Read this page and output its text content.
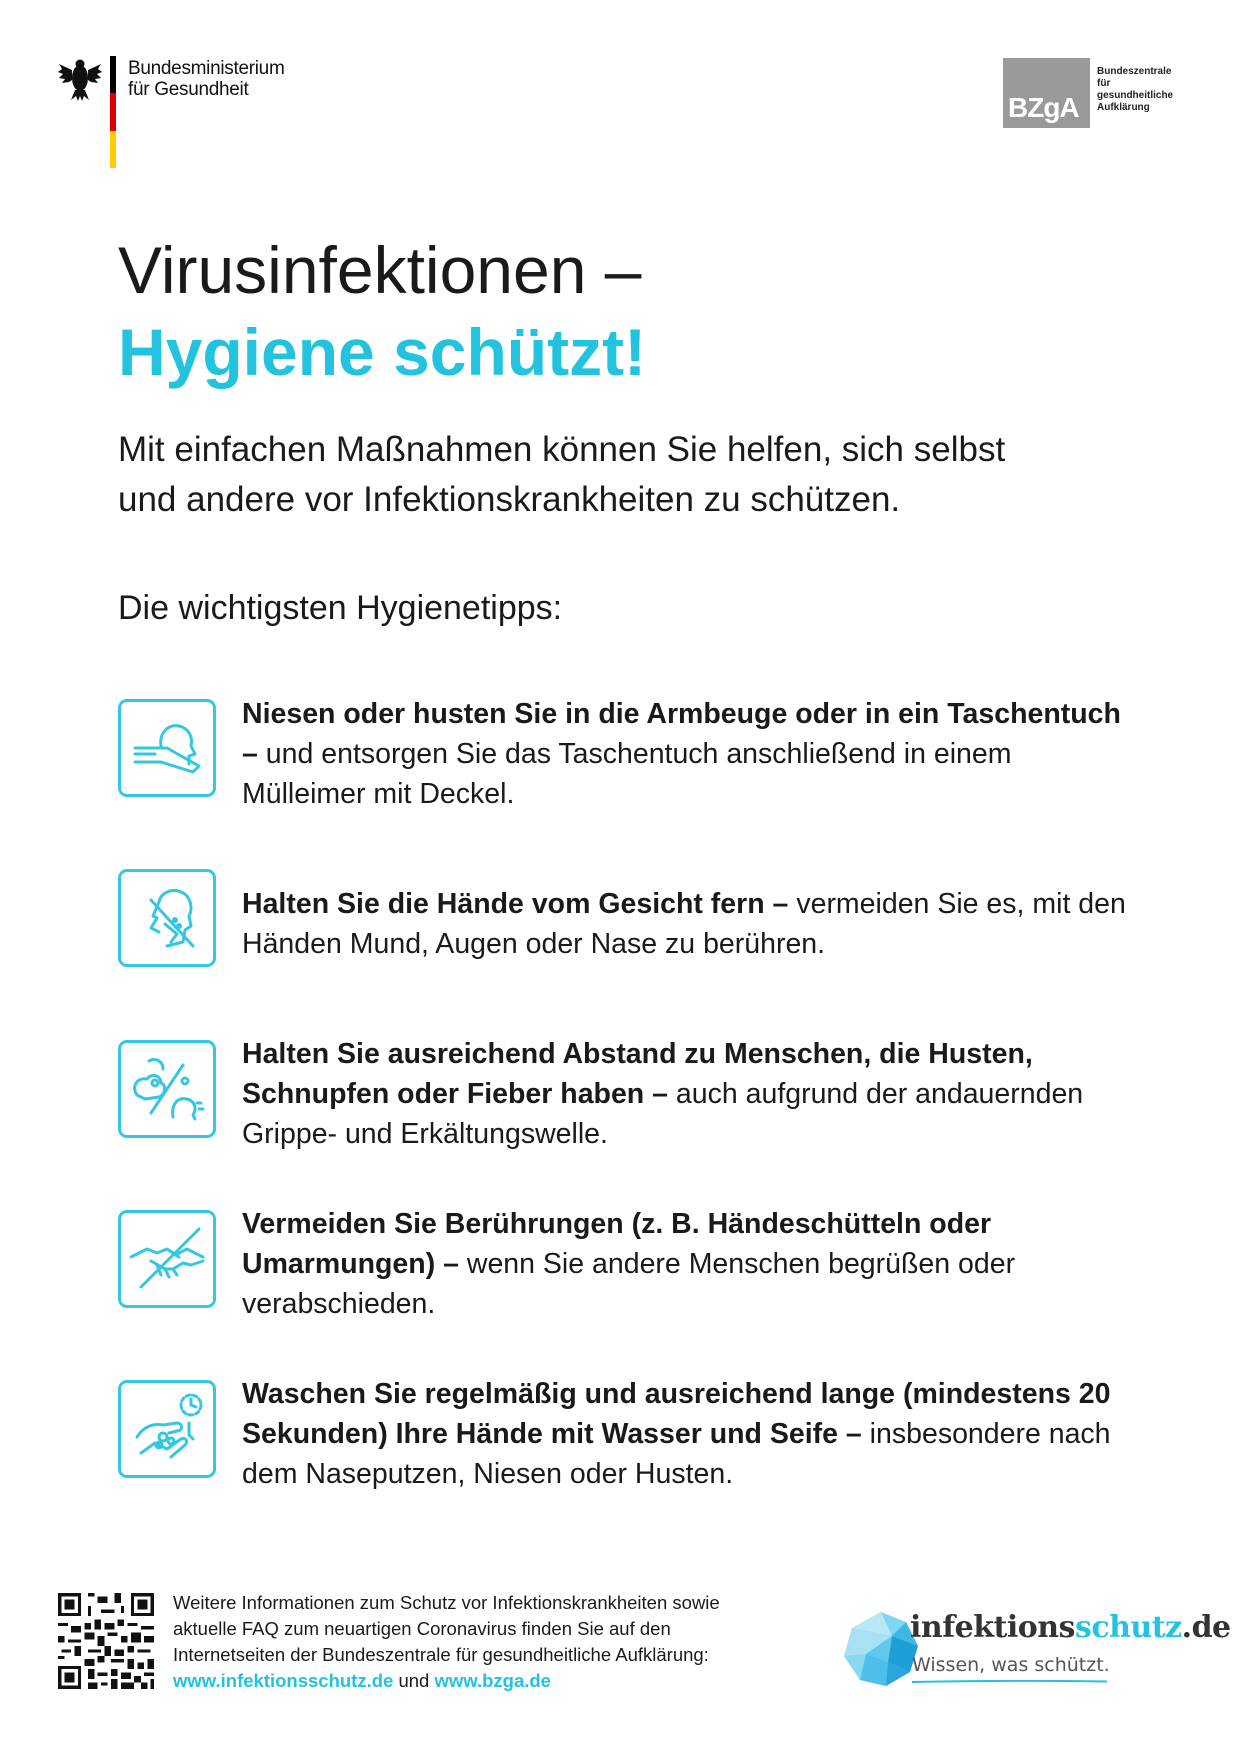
Bundesministerium
für Gesundheit
BZgA
Bundeszentrale
für
gesundheitliche
Aufklärung
Virusinfektionen –
Hygiene schützt!
Mit einfachen Maßnahmen können Sie helfen, sich selbst
und andere vor Infektionskrankheiten zu schützen.
Die wichtigsten Hygienetipps:
Niesen oder husten Sie in die Armbeuge oder in ein Taschentuch – und entsorgen Sie das Taschentuch anschließend in einem Mülleimer mit Deckel.
Halten Sie die Hände vom Gesicht fern – vermeiden Sie es, mit den Händen Mund, Augen oder Nase zu berühren.
Halten Sie ausreichend Abstand zu Menschen, die Husten, Schnupfen oder Fieber haben – auch aufgrund der andauernden Grippe- und Erkältungswelle.
Vermeiden Sie Berührungen (z. B. Händeschütteln oder Umarmungen) – wenn Sie andere Menschen begrüßen oder verabschieden.
Waschen Sie regelmäßig und ausreichend lange (mindestens 20 Sekunden) Ihre Hände mit Wasser und Seife – insbesondere nach dem Naseputzen, Niesen oder Husten.
Weitere Informationen zum Schutz vor Infektionskrankheiten sowie
aktuelle FAQ zum neuartigen Coronavirus finden Sie auf den
Internetseiten der Bundeszentrale für gesundheitliche Aufklärung:
www.infektionsschutz.de und www.bzga.de
infektionsschutz.de
Wissen, was schützt.
